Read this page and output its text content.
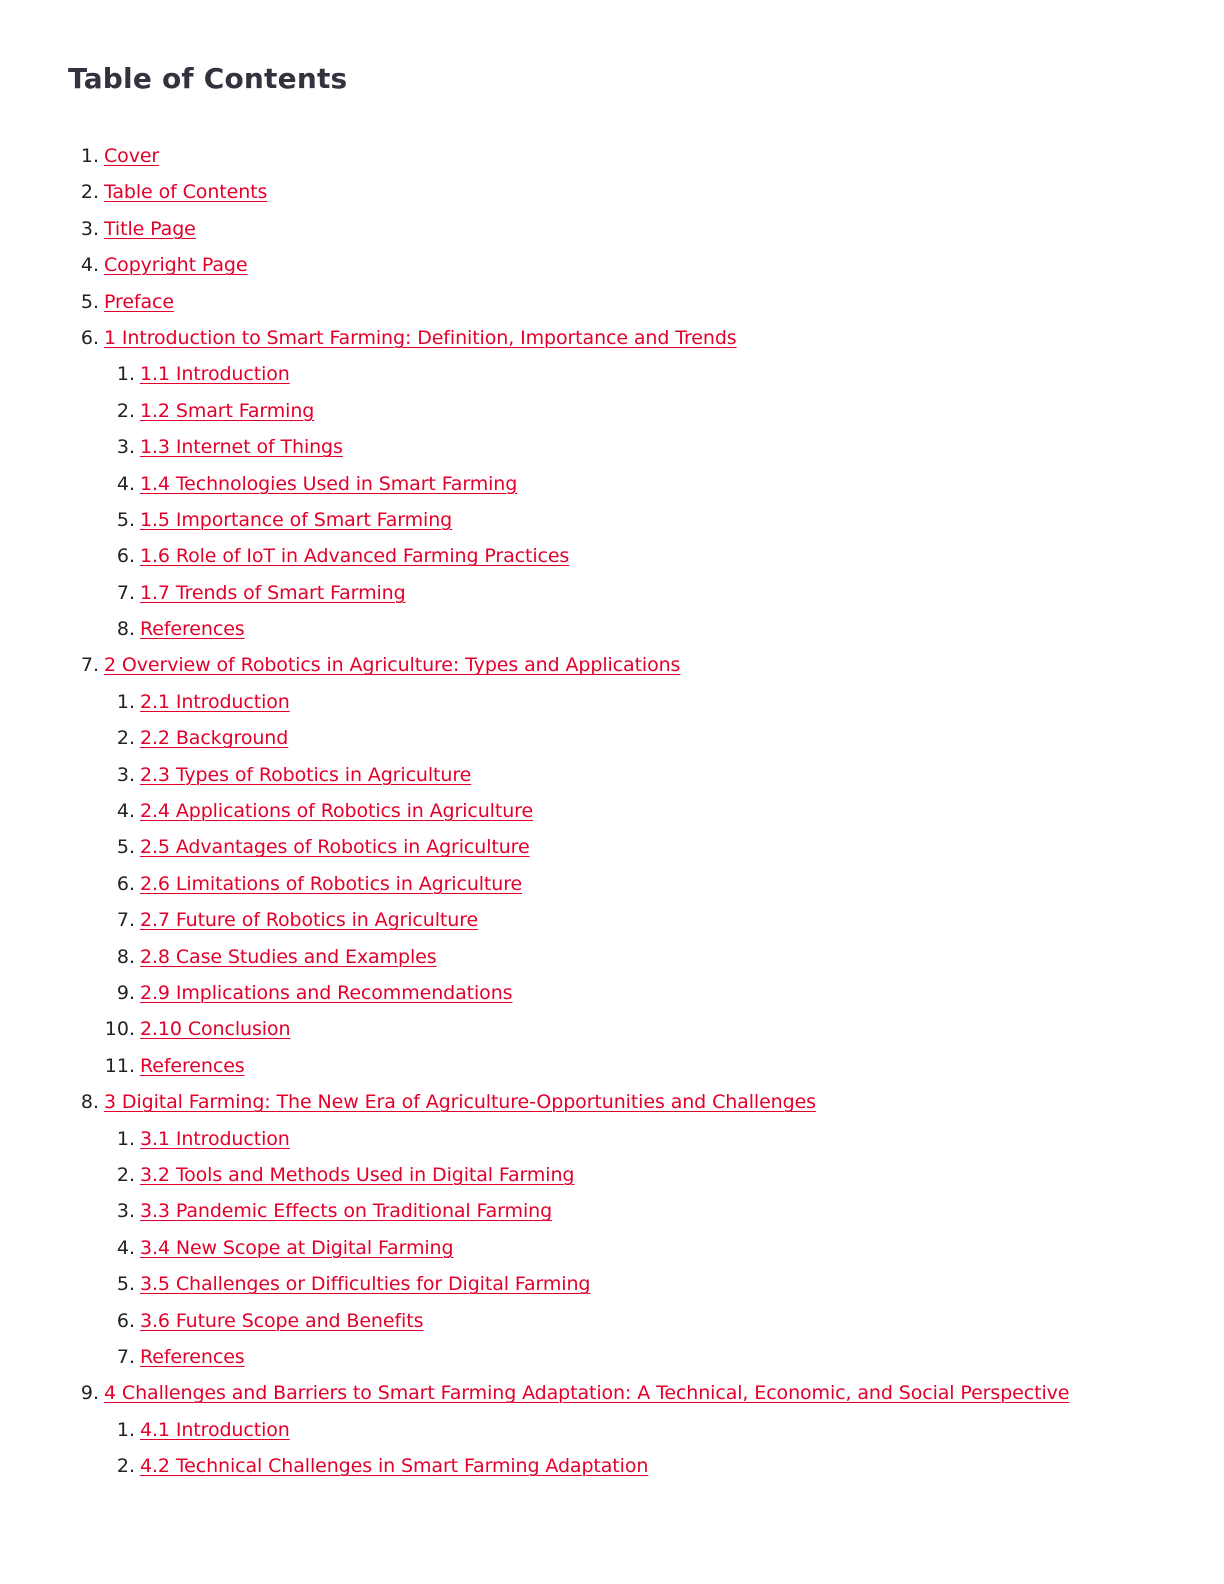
Table of Contents
1. Cover
2. Table of Contents
3. Title Page
4. Copyright Page
5. Preface
6. 1 Introduction to Smart Farming: Definition, Importance and Trends
1. 1.1 Introduction
2. 1.2 Smart Farming
3. 1.3 Internet of Things
4. 1.4 Technologies Used in Smart Farming
5. 1.5 Importance of Smart Farming
6. 1.6 Role of IoT in Advanced Farming Practices
7. 1.7 Trends of Smart Farming
8. References
7. 2 Overview of Robotics in Agriculture: Types and Applications
1. 2.1 Introduction
2. 2.2 Background
3. 2.3 Types of Robotics in Agriculture
4. 2.4 Applications of Robotics in Agriculture
5. 2.5 Advantages of Robotics in Agriculture
6. 2.6 Limitations of Robotics in Agriculture
7. 2.7 Future of Robotics in Agriculture
8. 2.8 Case Studies and Examples
9. 2.9 Implications and Recommendations
10. 2.10 Conclusion
11. References
8. 3 Digital Farming: The New Era of Agriculture-Opportunities and Challenges
1. 3.1 Introduction
2. 3.2 Tools and Methods Used in Digital Farming
3. 3.3 Pandemic Effects on Traditional Farming
4. 3.4 New Scope at Digital Farming
5. 3.5 Challenges or Difficulties for Digital Farming
6. 3.6 Future Scope and Benefits
7. References
9. 4 Challenges and Barriers to Smart Farming Adaptation: A Technical, Economic, and Social Perspective
1. 4.1 Introduction
2. 4.2 Technical Challenges in Smart Farming Adaptation
